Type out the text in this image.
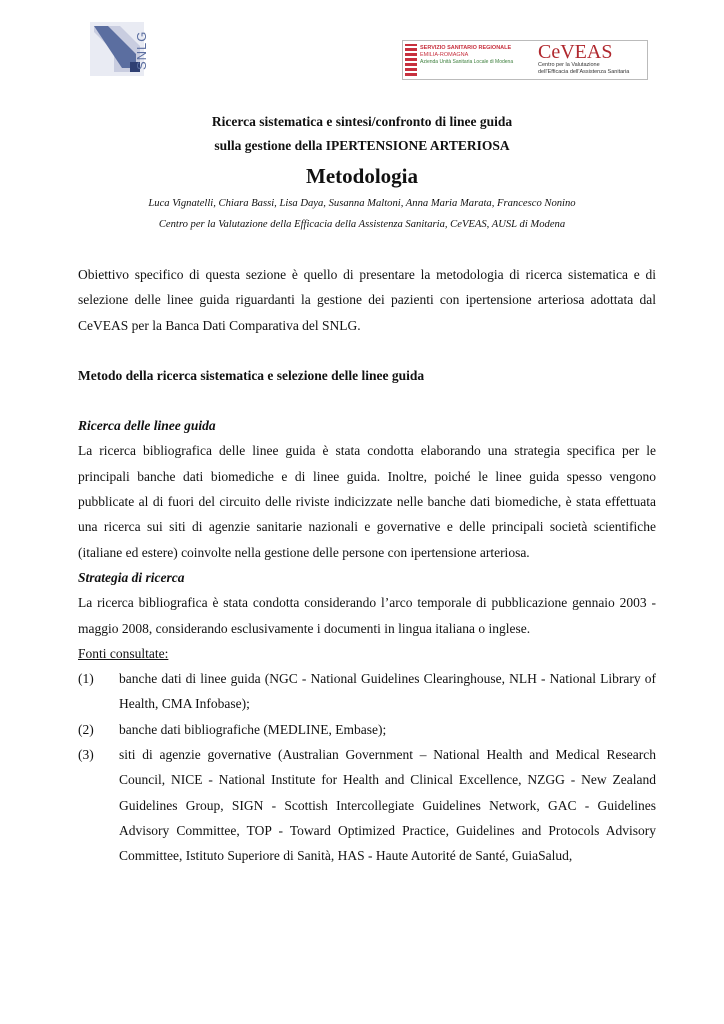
SNLG	SERVIZIO SANITARIO REGIONALE
EMILIA-ROMAGNA
Azienda Unità Sanitaria Locale di Modena	CeVEAS
Centro per la Valutazione
dell'Efficacia dell'Assistenza Sanitaria
Ricerca sistematica e sintesi/confronto di linee guida
sulla gestione della IPERTENSIONE ARTERIOSA
Metodologia
Luca Vignatelli, Chiara Bassi, Lisa Daya, Susanna Maltoni, Anna Maria Marata, Francesco Nonino
Centro per la Valutazione della Efficacia della Assistenza Sanitaria, CeVEAS, AUSL di Modena

Obiettivo specifico di questa sezione è quello di presentare la metodologia di ricerca sistematica e di selezione delle linee guida riguardanti la gestione dei pazienti con ipertensione arteriosa adottata dal CeVEAS per la Banca Dati Comparativa del SNLG.

Metodo della ricerca sistematica e selezione delle linee guida

Ricerca delle linee guida

La ricerca bibliografica delle linee guida è stata condotta elaborando una strategia specifica per le principali banche dati biomediche e di linee guida. Inoltre, poiché le linee guida spesso vengono pubblicate al di fuori del circuito delle riviste indicizzate nelle banche dati biomediche, è stata effettuata una ricerca sui siti di agenzie sanitarie nazionali e governative e delle principali società scientifiche (italiane ed estere) coinvolte nella gestione delle persone con ipertensione arteriosa.

Strategia di ricerca

La ricerca bibliografica è stata condotta considerando l’arco temporale di pubblicazione gennaio 2003 - maggio 2008, considerando esclusivamente i documenti in lingua italiana o inglese.

Fonti consultate:

(1)	banche dati di linee guida (NGC - National Guidelines Clearinghouse, NLH - National Library of Health, CMA Infobase);
(2)	banche dati bibliografiche (MEDLINE, Embase);
(3)	siti di agenzie governative (Australian Government – National Health and Medical Research Council, NICE - National Institute for Health and Clinical Excellence, NZGG - New Zealand Guidelines Group, SIGN - Scottish Intercollegiate Guidelines Network, GAC - Guidelines Advisory Committee, TOP - Toward Optimized Practice, Guidelines and Protocols Advisory Committee, Istituto Superiore di Sanità, HAS - Haute Autorité de Santé, GuiaSalud,
